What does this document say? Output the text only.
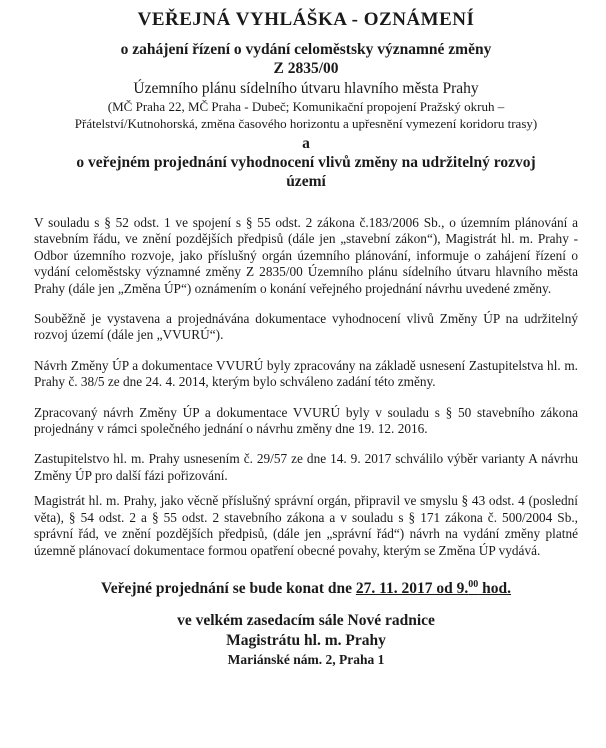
VEŘEJNÁ VYHLÁŠKA - OZNÁMENÍ

o zahájení řízení o vydání celoměstsky významné změny

Z 2835/00

Územního plánu sídelního útvaru hlavního města Prahy

(MČ Praha 22, MČ Praha - Dubeč; Komunikační propojení Pražský okruh –

Přátelství/Kutnohorská, změna časového horizontu a upřesnění vymezení koridoru trasy)

a

o veřejném projednání vyhodnocení vlivů změny na udržitelný rozvoj

území

V souladu s § 52 odst. 1 ve spojení s § 55 odst. 2 zákona č.183/2006 Sb., o územním plánování a stavebním řádu, ve znění pozdějších předpisů (dále jen „stavební zákon“), Magistrát hl. m. Prahy - Odbor územního rozvoje, jako příslušný orgán územního plánování, informuje o zahájení řízení o vydání celoměstsky významné změny Z 2835/00 Územního plánu sídelního útvaru hlavního města Prahy (dále jen „Změna ÚP“) oznámením o konání veřejného projednání návrhu uvedené změny.

Souběžně je vystavena a projednávána dokumentace vyhodnocení vlivů Změny ÚP na udržitelný rozvoj území (dále jen „VVURÚ“).

Návrh Změny ÚP a dokumentace VVURÚ byly zpracovány na základě usnesení Zastupitelstva hl. m. Prahy č. 38/5 ze dne 24. 4. 2014, kterým bylo schváleno zadání této změny.

Zpracovaný návrh Změny ÚP a dokumentace VVURÚ byly v souladu s § 50 stavebního zákona projednány v rámci společného jednání o návrhu změny dne 19. 12. 2016.

Zastupitelstvo hl. m. Prahy usnesením č. 29/57 ze dne 14. 9. 2017 schválilo výběr varianty A návrhu Změny ÚP pro další fázi pořizování.

Magistrát hl. m. Prahy, jako věcně příslušný správní orgán, připravil ve smyslu § 43 odst. 4 (poslední věta), § 54 odst. 2 a § 55 odst. 2 stavebního zákona a v souladu s § 171 zákona č. 500/2004 Sb., správní řád, ve znění pozdějších předpisů, (dále jen „správní řád“) návrh na vydání změny platné územně plánovací dokumentace formou opatření obecné povahy, kterým se Změna ÚP vydává.

Veřejné projednání se bude konat dne 27. 11. 2017 od 9.00 hod.

ve velkém zasedacím sále Nové radnice

Magistrátu hl. m. Prahy

Mariánské nám. 2, Praha 1
